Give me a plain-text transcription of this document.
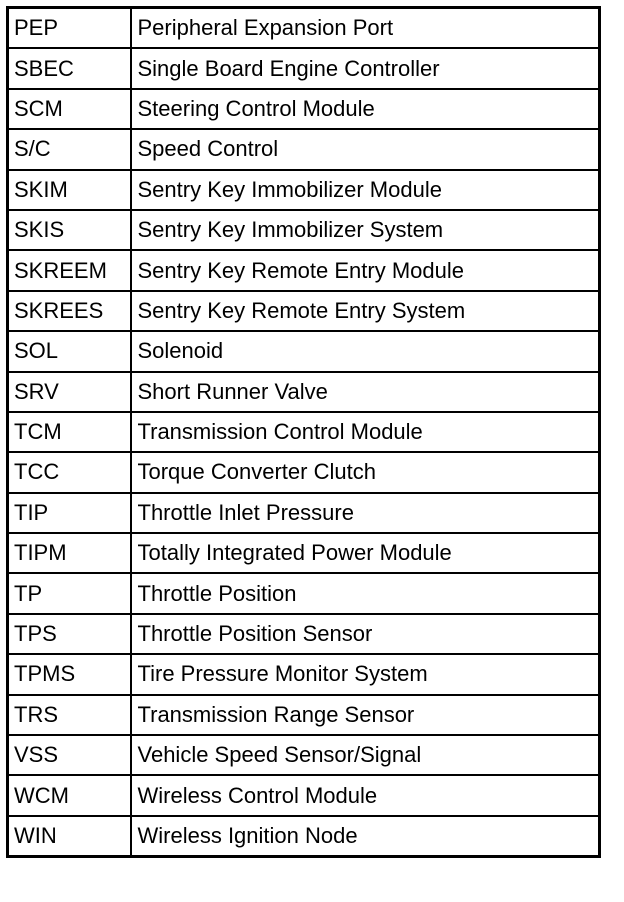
PEP	Peripheral Expansion Port
SBEC	Single Board Engine Controller
SCM	Steering Control Module
S/C	Speed Control
SKIM	Sentry Key Immobilizer Module
SKIS	Sentry Key Immobilizer System
SKREEM	Sentry Key Remote Entry Module
SKREES	Sentry Key Remote Entry System
SOL	Solenoid
SRV	Short Runner Valve
TCM	Transmission Control Module
TCC	Torque Converter Clutch
TIP	Throttle Inlet Pressure
TIPM	Totally Integrated Power Module
TP	Throttle Position
TPS	Throttle Position Sensor
TPMS	Tire Pressure Monitor System
TRS	Transmission Range Sensor
VSS	Vehicle Speed Sensor/Signal
WCM	Wireless Control Module
WIN	Wireless Ignition Node
